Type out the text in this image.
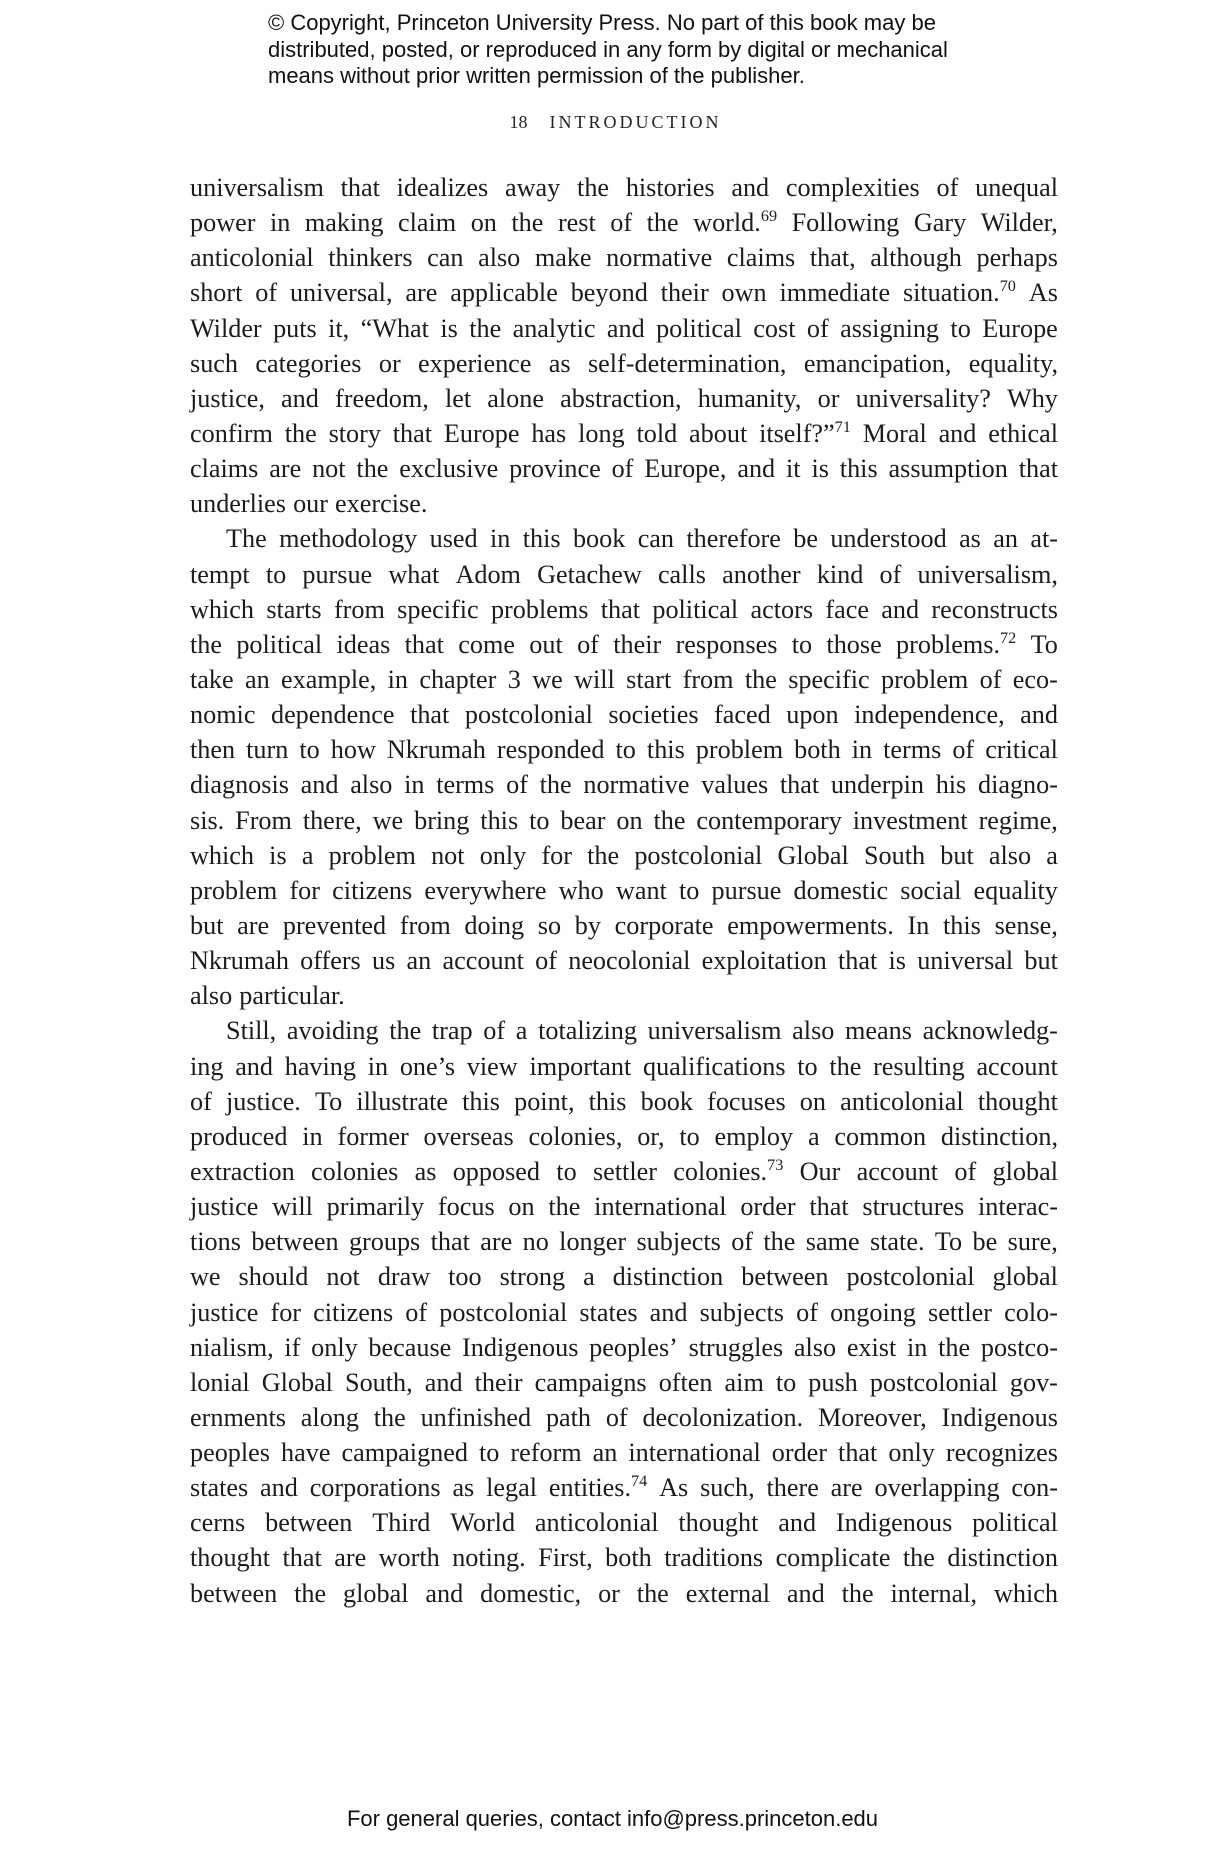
© Copyright, Princeton University Press. No part of this book may be
distributed, posted, or reproduced in any form by digital or mechanical
means without prior written permission of the publisher.
18 INTRODUCTION
universalism that idealizes away the histories and complexities of unequal
power in making claim on the rest of the world.$^{69}$ Following Gary Wilder,
anticolonial thinkers can also make normative claims that, although perhaps
short of universal, are applicable beyond their own immediate situation.$^{70}$ As
Wilder puts it, “What is the analytic and political cost of assigning to Europe
such categories or experience as self-determination, emancipation, equality,
justice, and freedom, let alone abstraction, humanity, or universality? Why
confirm the story that Europe has long told about itself?”$^{71}$ Moral and ethical
claims are not the exclusive province of Europe, and it is this assumption that
underlies our exercise.
The methodology used in this book can therefore be understood as an at-
tempt to pursue what Adom Getachew calls another kind of universalism,
which starts from specific problems that political actors face and reconstructs
the political ideas that come out of their responses to those problems.$^{72}$ To
take an example, in chapter 3 we will start from the specific problem of eco-
nomic dependence that postcolonial societies faced upon independence, and
then turn to how Nkrumah responded to this problem both in terms of critical
diagnosis and also in terms of the normative values that underpin his diagno-
sis. From there, we bring this to bear on the contemporary investment regime,
which is a problem not only for the postcolonial Global South but also a
problem for citizens everywhere who want to pursue domestic social equality
but are prevented from doing so by corporate empowerments. In this sense,
Nkrumah offers us an account of neocolonial exploitation that is universal but
also particular.
Still, avoiding the trap of a totalizing universalism also means acknowledg-
ing and having in one’s view important qualifications to the resulting account
of justice. To illustrate this point, this book focuses on anticolonial thought
produced in former overseas colonies, or, to employ a common distinction,
extraction colonies as opposed to settler colonies.$^{73}$ Our account of global
justice will primarily focus on the international order that structures interac-
tions between groups that are no longer subjects of the same state. To be sure,
we should not draw too strong a distinction between postcolonial global
justice for citizens of postcolonial states and subjects of ongoing settler colo-
nialism, if only because Indigenous peoples’ struggles also exist in the postco-
lonial Global South, and their campaigns often aim to push postcolonial gov-
ernments along the unfinished path of decolonization. Moreover, Indigenous
peoples have campaigned to reform an international order that only recognizes
states and corporations as legal entities.$^{74}$ As such, there are overlapping con-
cerns between Third World anticolonial thought and Indigenous political
thought that are worth noting. First, both traditions complicate the distinction
between the global and domestic, or the external and the internal, which
For general queries, contact info@press.princeton.edu
